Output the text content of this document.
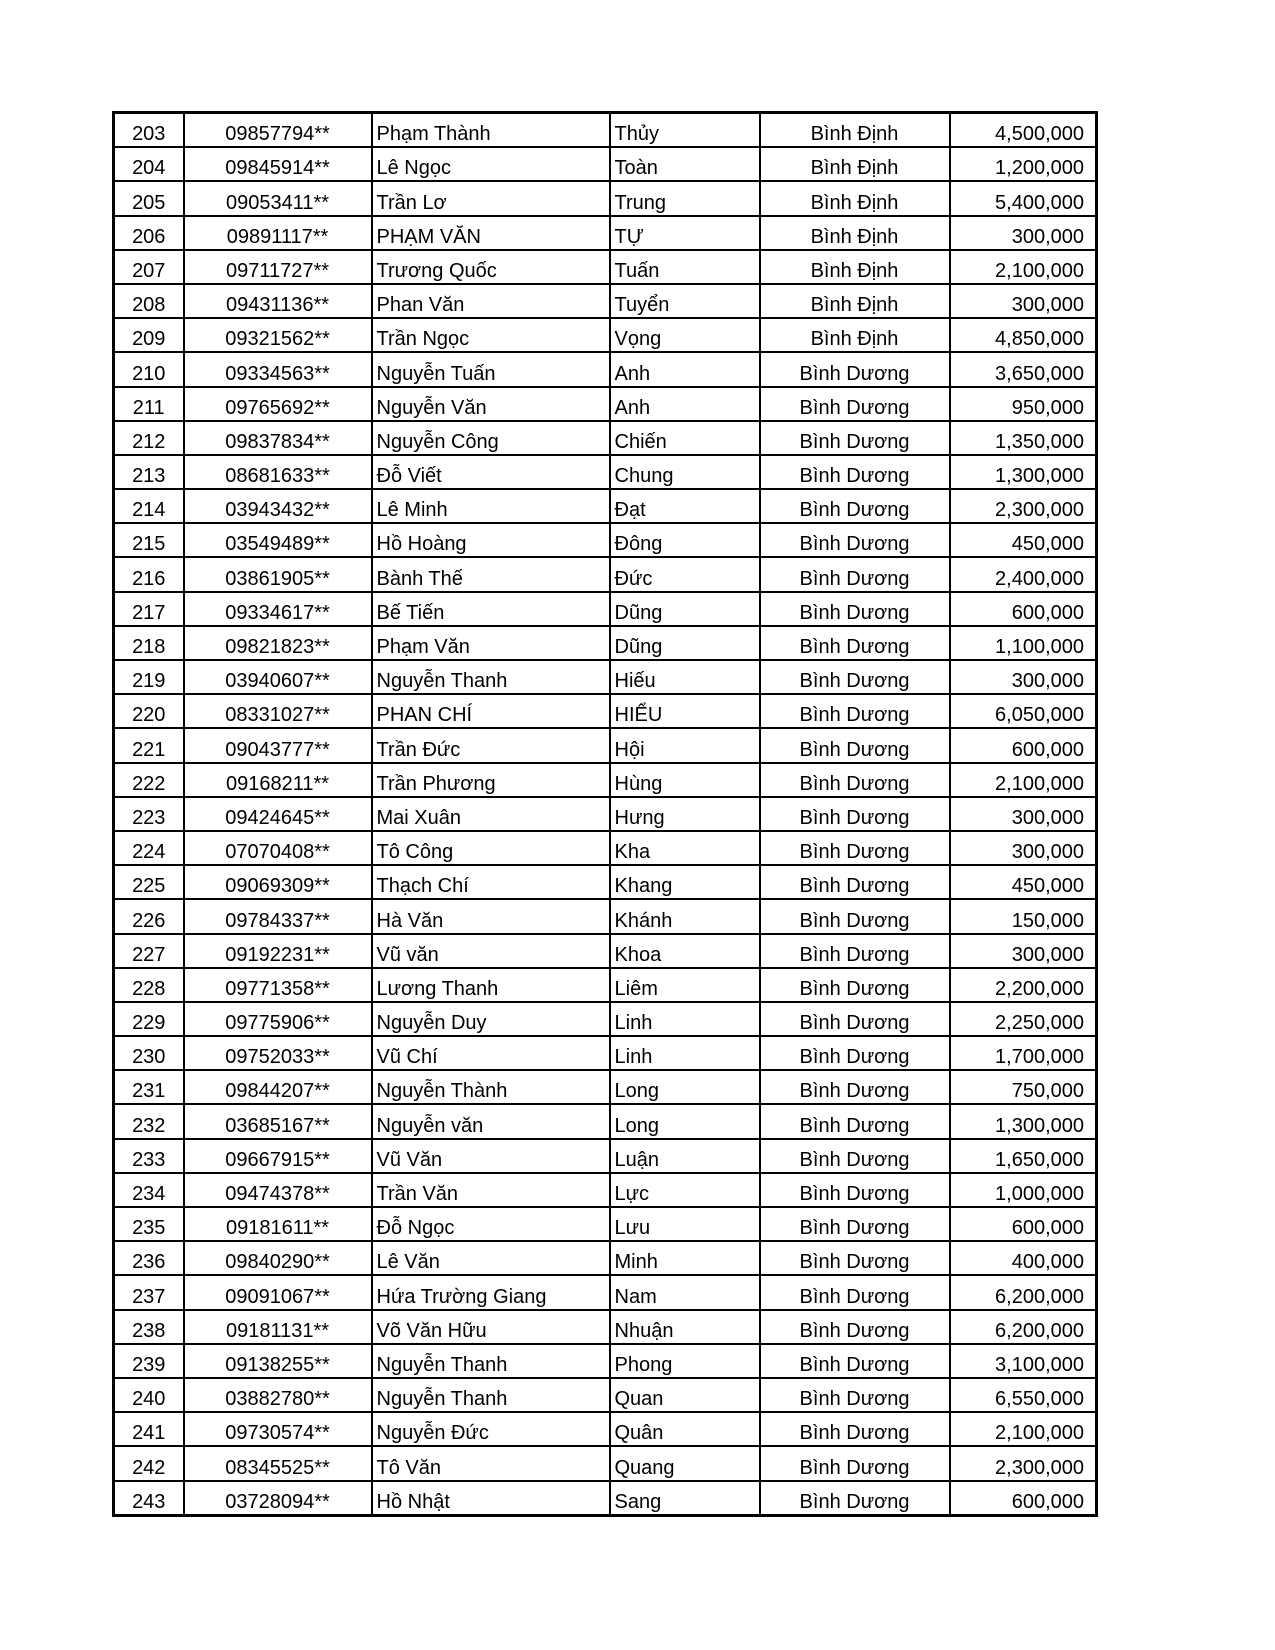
203	09857794**	Phạm Thành	Thủy	Bình Định	4,500,000
204	09845914**	Lê Ngọc	Toàn	Bình Định	1,200,000
205	09053411**	Trần Lơ	Trung	Bình Định	5,400,000
206	09891117**	PHẠM VĂN	TỰ	Bình Định	300,000
207	09711727**	Trương Quốc	Tuấn	Bình Định	2,100,000
208	09431136**	Phan Văn	Tuyển	Bình Định	300,000
209	09321562**	Trần Ngọc	Vọng	Bình Định	4,850,000
210	09334563**	Nguyễn Tuấn	Anh	Bình Dương	3,650,000
211	09765692**	Nguyễn Văn	Anh	Bình Dương	950,000
212	09837834**	Nguyễn Công	Chiến	Bình Dương	1,350,000
213	08681633**	Đỗ Viết	Chung	Bình Dương	1,300,000
214	03943432**	Lê Minh	Đạt	Bình Dương	2,300,000
215	03549489**	Hồ Hoàng	Đông	Bình Dương	450,000
216	03861905**	Bành Thế	Đức	Bình Dương	2,400,000
217	09334617**	Bế Tiến	Dũng	Bình Dương	600,000
218	09821823**	Phạm Văn	Dũng	Bình Dương	1,100,000
219	03940607**	Nguyễn Thanh	Hiếu	Bình Dương	300,000
220	08331027**	PHAN CHÍ	HIỂU	Bình Dương	6,050,000
221	09043777**	Trần Đức	Hội	Bình Dương	600,000
222	09168211**	Trần Phương	Hùng	Bình Dương	2,100,000
223	09424645**	Mai Xuân	Hưng	Bình Dương	300,000
224	07070408**	Tô Công	Kha	Bình Dương	300,000
225	09069309**	Thạch Chí	Khang	Bình Dương	450,000
226	09784337**	Hà Văn	Khánh	Bình Dương	150,000
227	09192231**	Vũ văn	Khoa	Bình Dương	300,000
228	09771358**	Lương Thanh	Liêm	Bình Dương	2,200,000
229	09775906**	Nguyễn Duy	Linh	Bình Dương	2,250,000
230	09752033**	Vũ Chí	Linh	Bình Dương	1,700,000
231	09844207**	Nguyễn Thành	Long	Bình Dương	750,000
232	03685167**	Nguyễn văn	Long	Bình Dương	1,300,000
233	09667915**	Vũ Văn	Luận	Bình Dương	1,650,000
234	09474378**	Trần Văn	Lực	Bình Dương	1,000,000
235	09181611**	Đỗ Ngọc	Lưu	Bình Dương	600,000
236	09840290**	Lê Văn	Minh	Bình Dương	400,000
237	09091067**	Hứa Trường Giang	Nam	Bình Dương	6,200,000
238	09181131**	Võ Văn Hữu	Nhuận	Bình Dương	6,200,000
239	09138255**	Nguyễn Thanh	Phong	Bình Dương	3,100,000
240	03882780**	Nguyễn Thanh	Quan	Bình Dương	6,550,000
241	09730574**	Nguyễn Đức	Quân	Bình Dương	2,100,000
242	08345525**	Tô Văn	Quang	Bình Dương	2,300,000
243	03728094**	Hồ Nhật	Sang	Bình Dương	600,000
